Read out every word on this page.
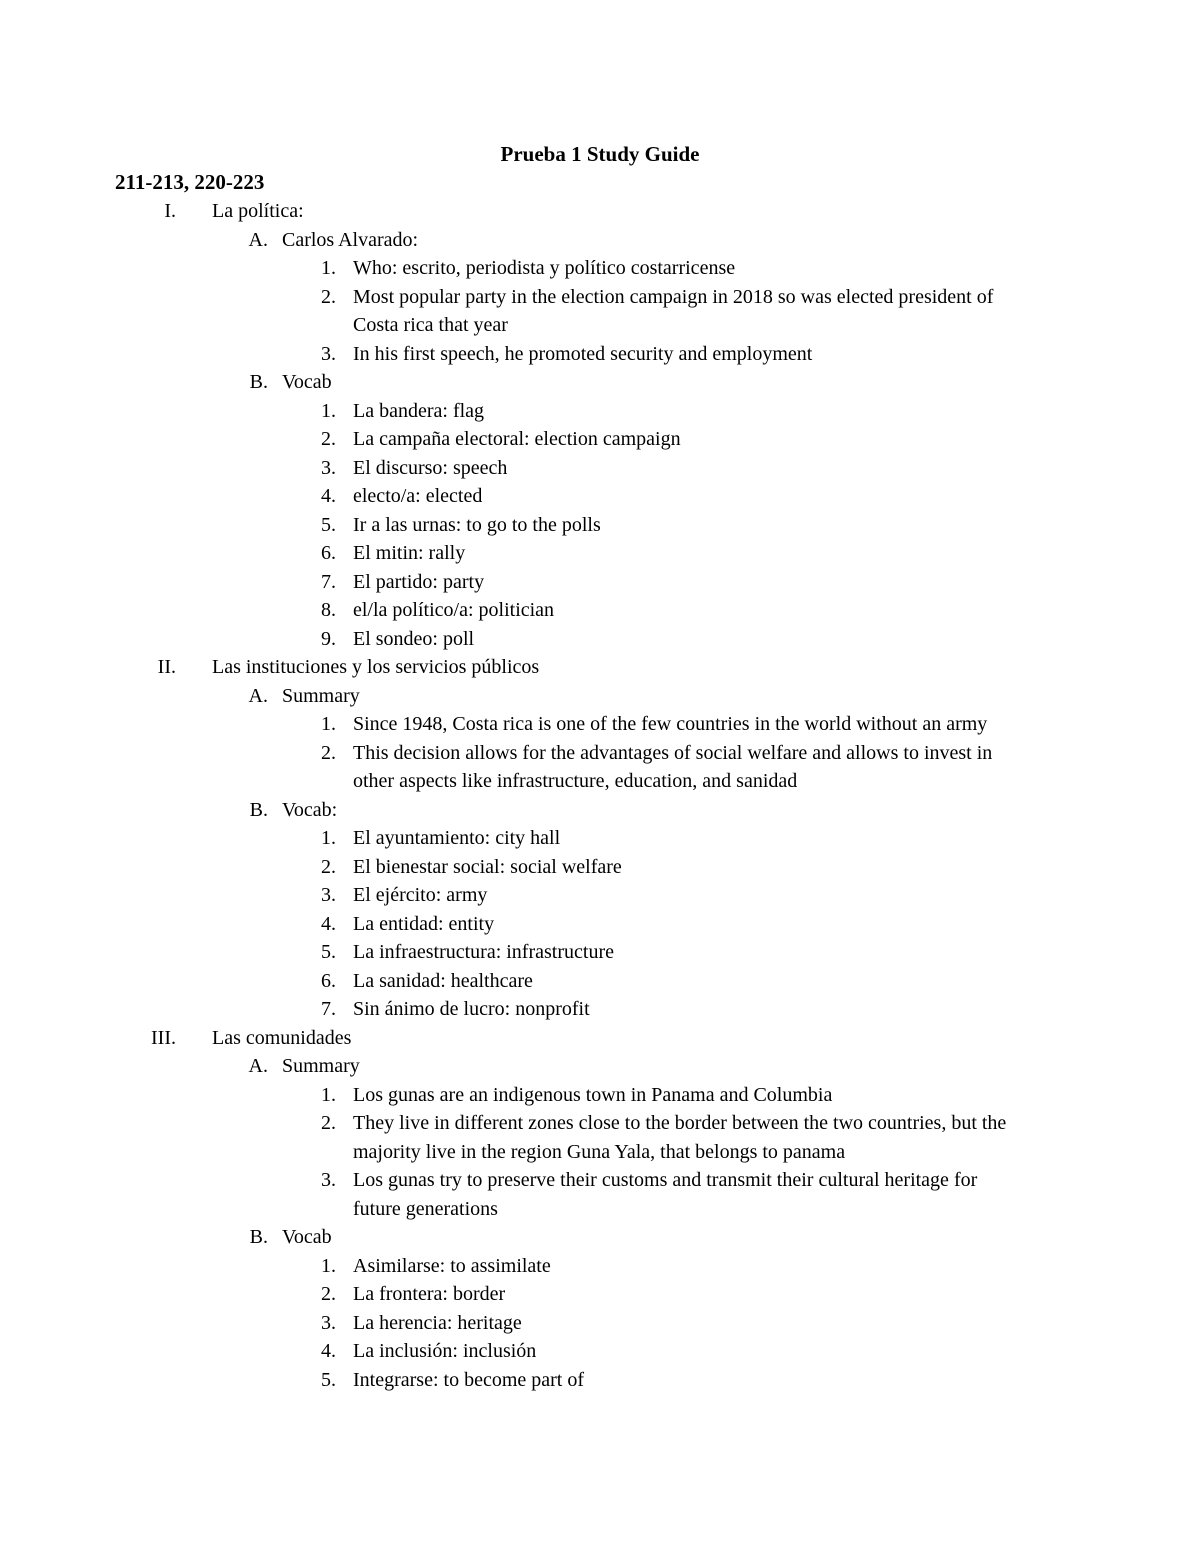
Prueba 1 Study Guide
211-213, 220-223
I. La política:
A. Carlos Alvarado:
1. Who: escrito, periodista y político costarricense
2. Most popular party in the election campaign in 2018 so was elected president of
Costa rica that year
3. In his first speech, he promoted security and employment
B. Vocab
1. La bandera: flag
2. La campaña electoral: election campaign
3. El discurso: speech
4. electo/a: elected
5. Ir a las urnas: to go to the polls
6. El mitin: rally
7. El partido: party
8. el/la político/a: politician
9. El sondeo: poll
II. Las instituciones y los servicios públicos
A. Summary
1. Since 1948, Costa rica is one of the few countries in the world without an army
2. This decision allows for the advantages of social welfare and allows to invest in
other aspects like infrastructure, education, and sanidad
B. Vocab:
1. El ayuntamiento: city hall
2. El bienestar social: social welfare
3. El ejército: army
4. La entidad: entity
5. La infraestructura: infrastructure
6. La sanidad: healthcare
7. Sin ánimo de lucro: nonprofit
III. Las comunidades
A. Summary
1. Los gunas are an indigenous town in Panama and Columbia
2. They live in different zones close to the border between the two countries, but the
majority live in the region Guna Yala, that belongs to panama
3. Los gunas try to preserve their customs and transmit their cultural heritage for
future generations
B. Vocab
1. Asimilarse: to assimilate
2. La frontera: border
3. La herencia: heritage
4. La inclusión: inclusión
5. Integrarse: to become part of
